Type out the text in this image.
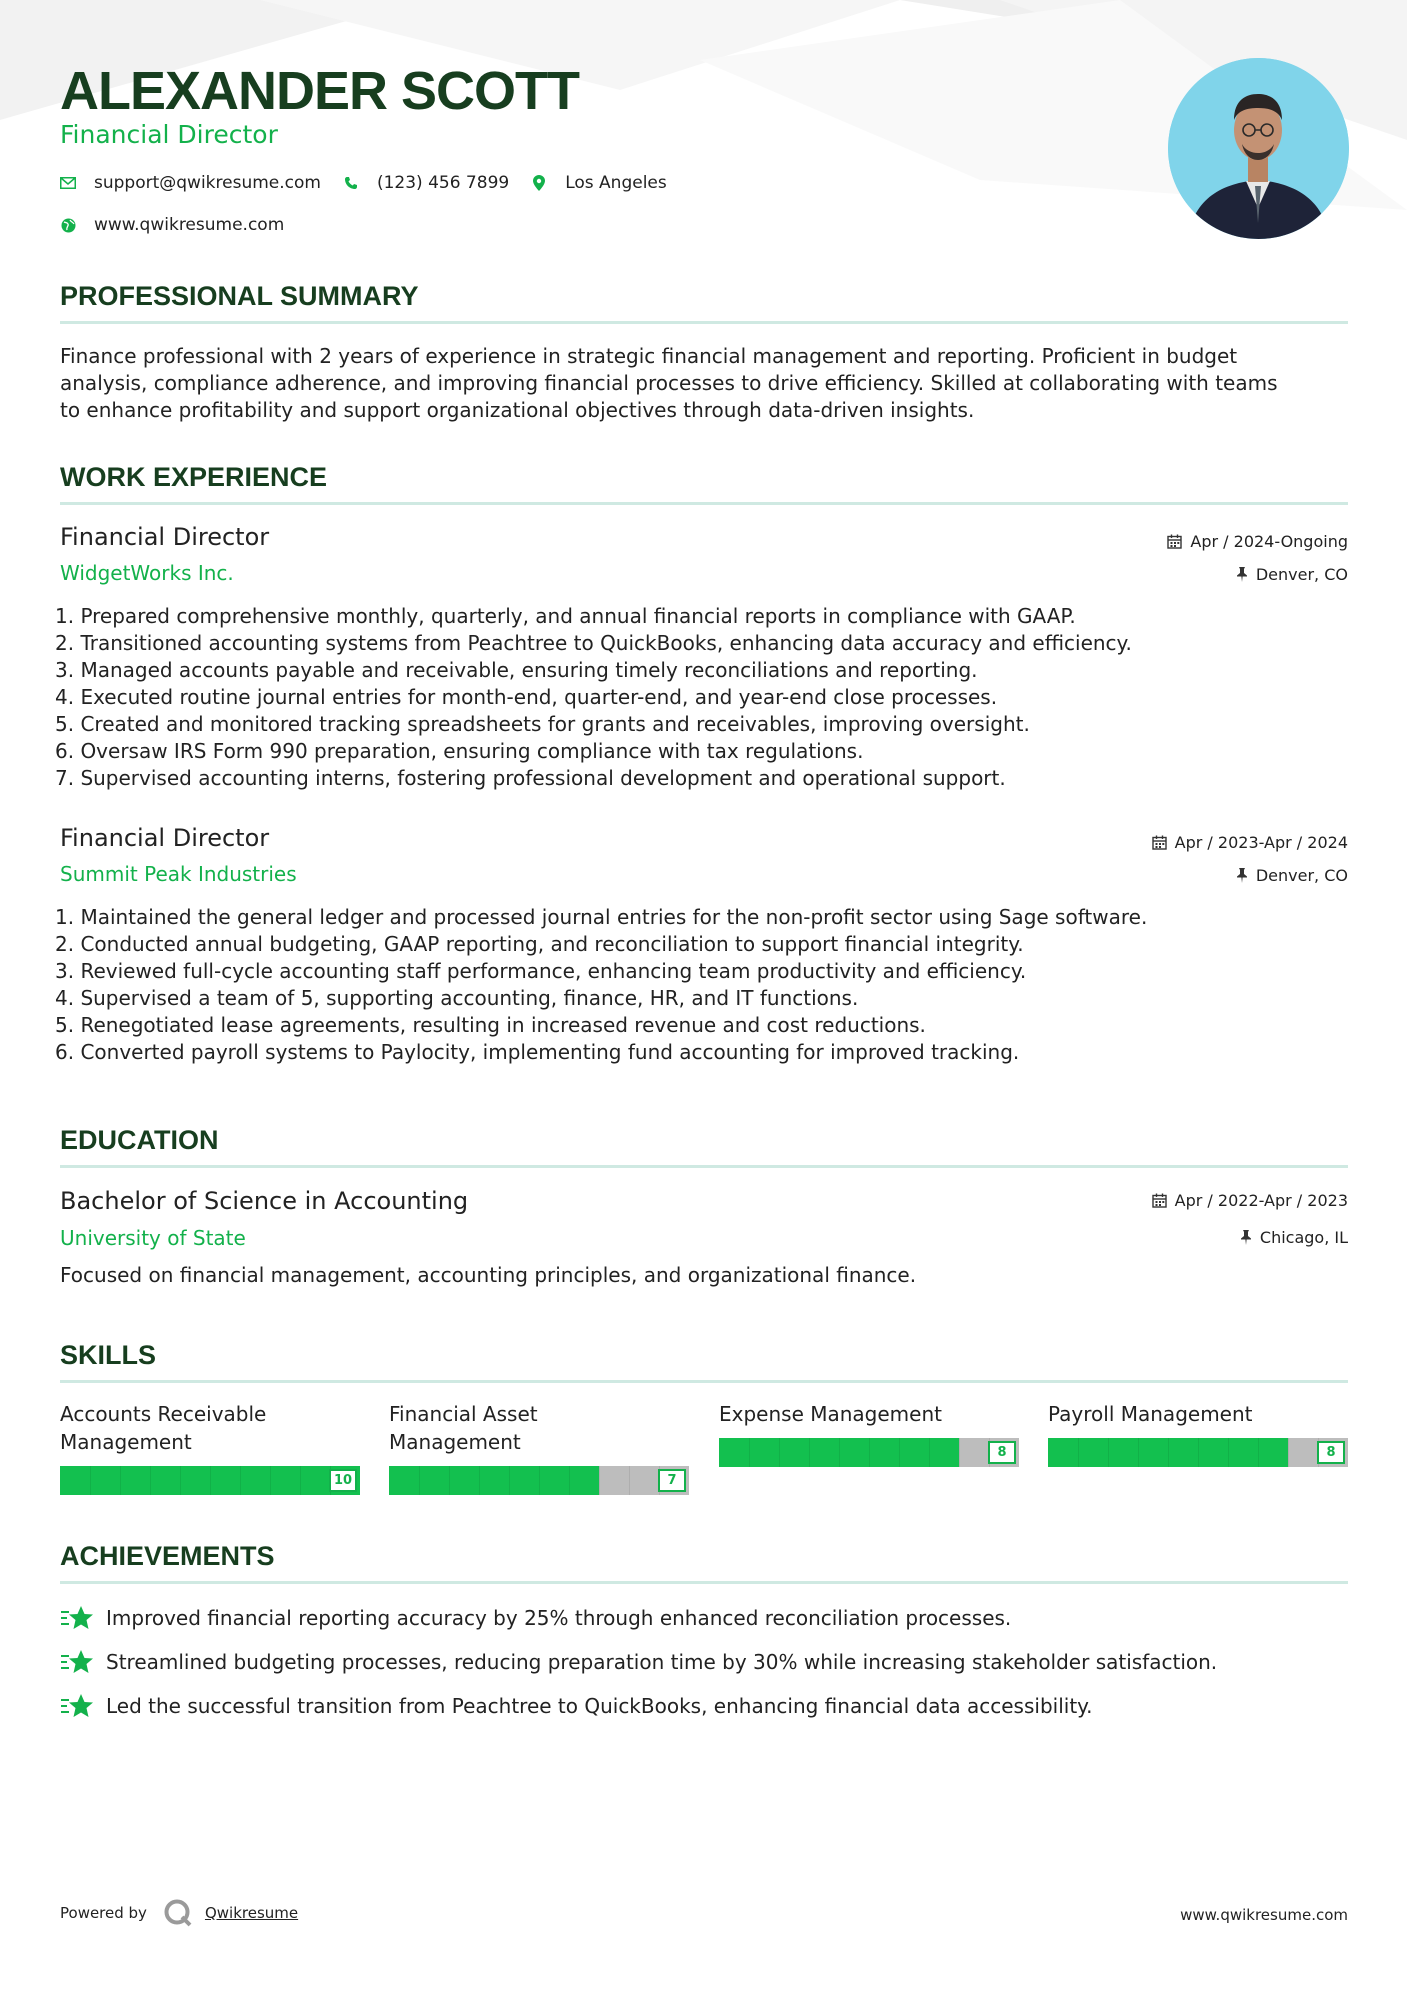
ALEXANDER SCOTT
Financial Director
support@qwikresume.com	(123) 456 7899	Los Angeles
www.qwikresume.com
PROFESSIONAL SUMMARY
Finance professional with 2 years of experience in strategic financial management and reporting. Proficient in budget
analysis, compliance adherence, and improving financial processes to drive efficiency. Skilled at collaborating with teams
to enhance profitability and support organizational objectives through data-driven insights.
WORK EXPERIENCE
Financial Director
WidgetWorks Inc.
Apr / 2024-Ongoing
Denver, CO
1. Prepared comprehensive monthly, quarterly, and annual financial reports in compliance with GAAP.
2. Transitioned accounting systems from Peachtree to QuickBooks, enhancing data accuracy and efficiency.
3. Managed accounts payable and receivable, ensuring timely reconciliations and reporting.
4. Executed routine journal entries for month-end, quarter-end, and year-end close processes.
5. Created and monitored tracking spreadsheets for grants and receivables, improving oversight.
6. Oversaw IRS Form 990 preparation, ensuring compliance with tax regulations.
7. Supervised accounting interns, fostering professional development and operational support.
Financial Director
Summit Peak Industries
Apr / 2023-Apr / 2024
Denver, CO
1. Maintained the general ledger and processed journal entries for the non-profit sector using Sage software.
2. Conducted annual budgeting, GAAP reporting, and reconciliation to support financial integrity.
3. Reviewed full-cycle accounting staff performance, enhancing team productivity and efficiency.
4. Supervised a team of 5, supporting accounting, finance, HR, and IT functions.
5. Renegotiated lease agreements, resulting in increased revenue and cost reductions.
6. Converted payroll systems to Paylocity, implementing fund accounting for improved tracking.
EDUCATION
Bachelor of Science in Accounting
University of State
Apr / 2022-Apr / 2023
Chicago, IL
Focused on financial management, accounting principles, and organizational finance.
SKILLS
Accounts Receivable
Management
10
Financial Asset
Management
7
Expense Management
8
Payroll Management
8
ACHIEVEMENTS
Improved financial reporting accuracy by 25% through enhanced reconciliation processes.
Streamlined budgeting processes, reducing preparation time by 30% while increasing stakeholder satisfaction.
Led the successful transition from Peachtree to QuickBooks, enhancing financial data accessibility.
Powered by	Qwikresume	www.qwikresume.com
